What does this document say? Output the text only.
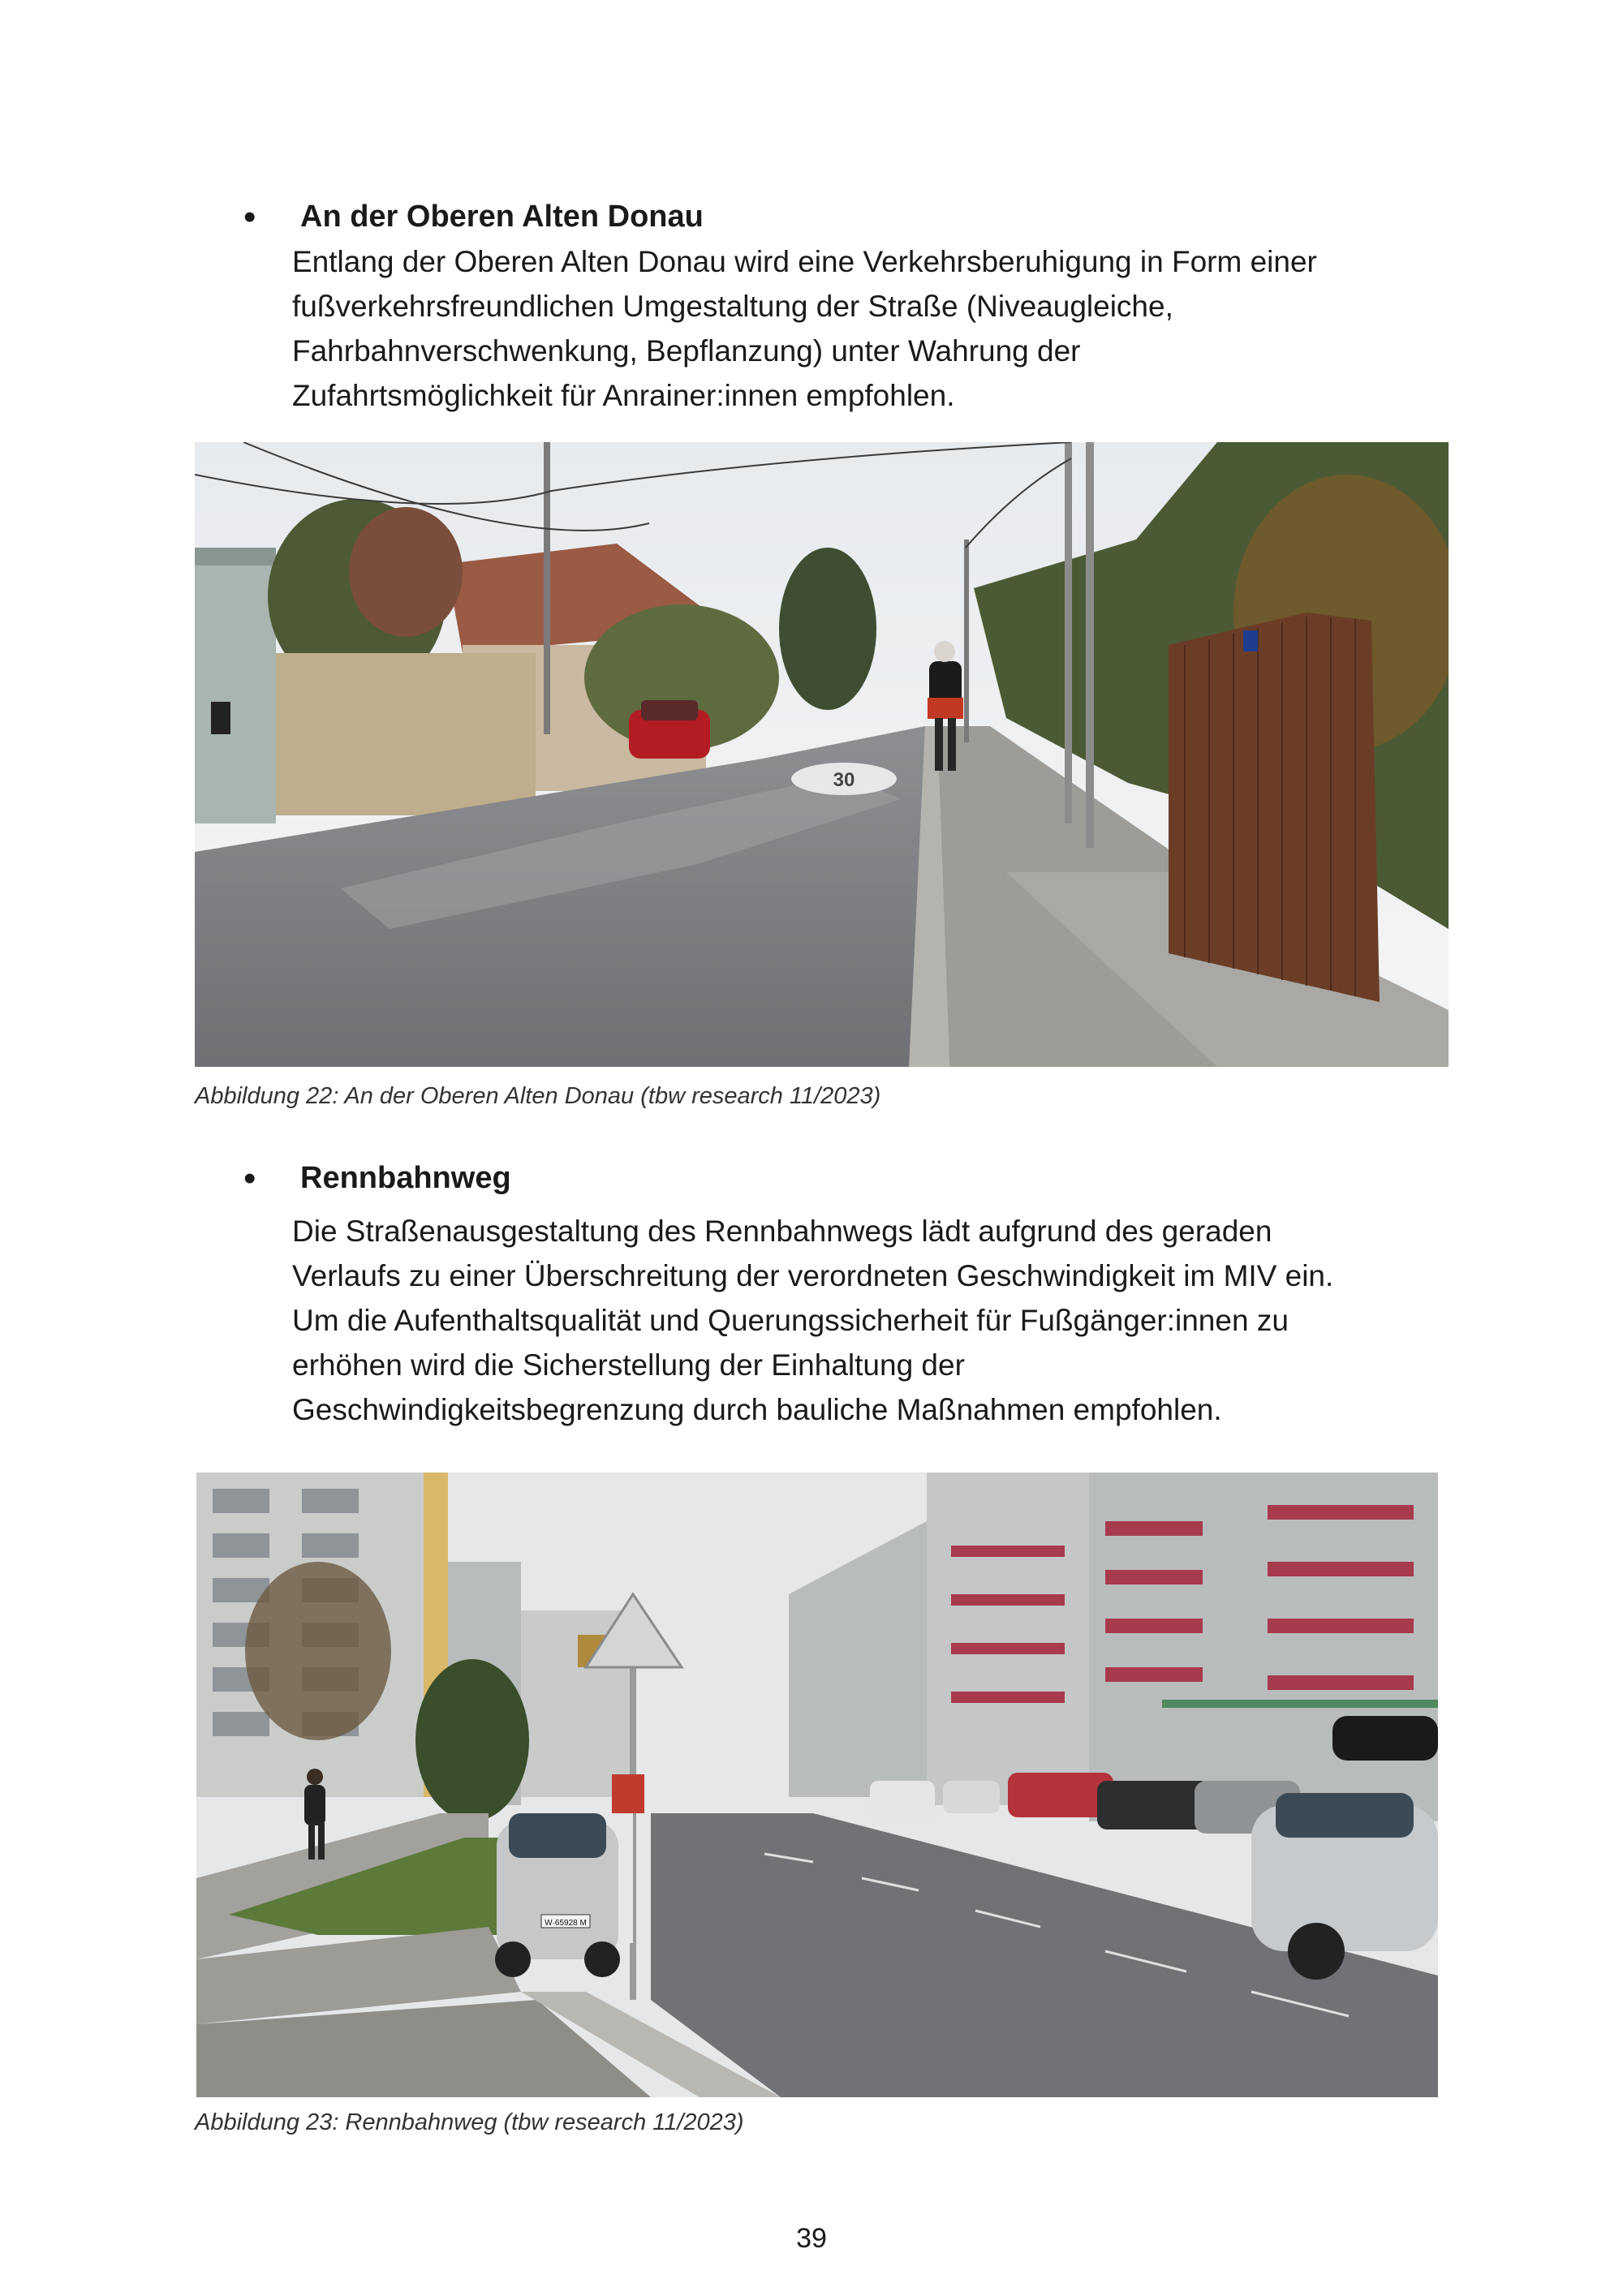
•	An der Oberen Alten Donau
Entlang der Oberen Alten Donau wird eine Verkehrsberuhigung in Form einer
fußverkehrsfreundlichen Umgestaltung der Straße (Niveaugleiche,
Fahrbahnverschwenkung, Bepflanzung) unter Wahrung der
Zufahrtsmöglichkeit für Anrainer:innen empfohlen.
30
Abbildung 22: An der Oberen Alten Donau (tbw research 11/2023)
•	Rennbahnweg
Die Straßenausgestaltung des Rennbahnwegs lädt aufgrund des geraden
Verlaufs zu einer Überschreitung der verordneten Geschwindigkeit im MIV ein.
Um die Aufenthaltsqualität und Querungssicherheit für Fußgänger:innen zu
erhöhen wird die Sicherstellung der Einhaltung der
Geschwindigkeitsbegrenzung durch bauliche Maßnahmen empfohlen.
W·65928 M
Abbildung 23: Rennbahnweg (tbw research 11/2023)
39
